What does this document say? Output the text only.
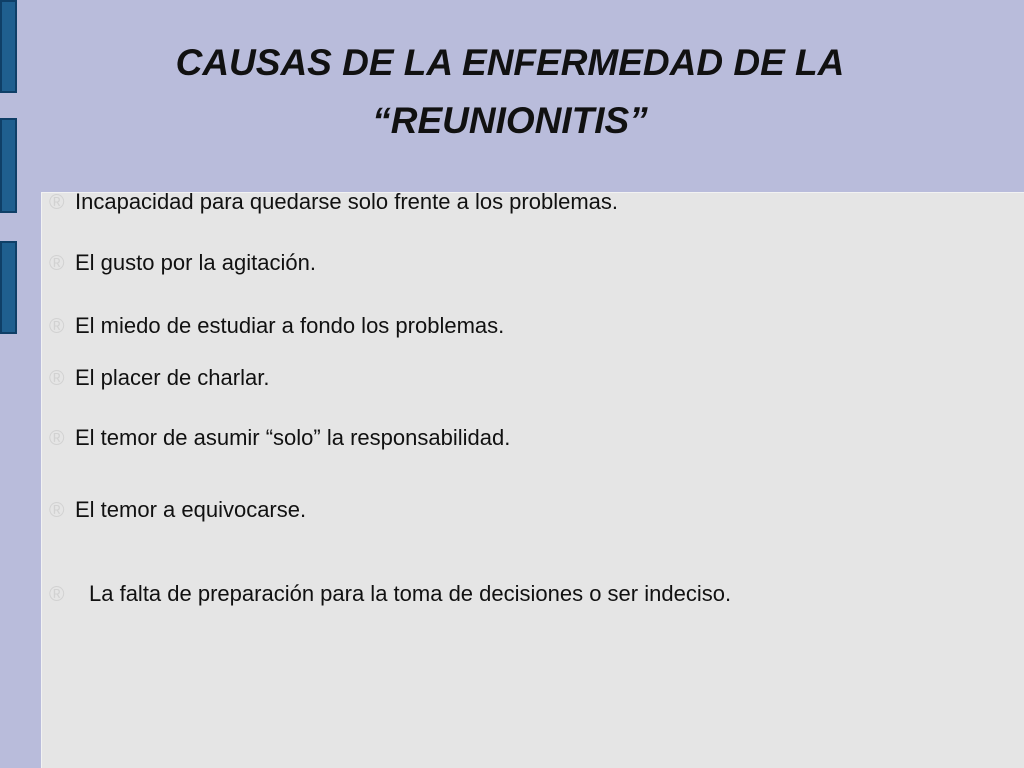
CAUSAS DE LA ENFERMEDAD DE LA
“REUNIONITIS”
® Incapacidad para quedarse solo frente a los problemas.
® El gusto por la agitación.
® El miedo de estudiar a fondo los problemas.
® El placer de charlar.
® El temor de asumir “solo” la responsabilidad.
® El temor a equivocarse.
® La falta de preparación para la toma de decisiones o ser indeciso.
